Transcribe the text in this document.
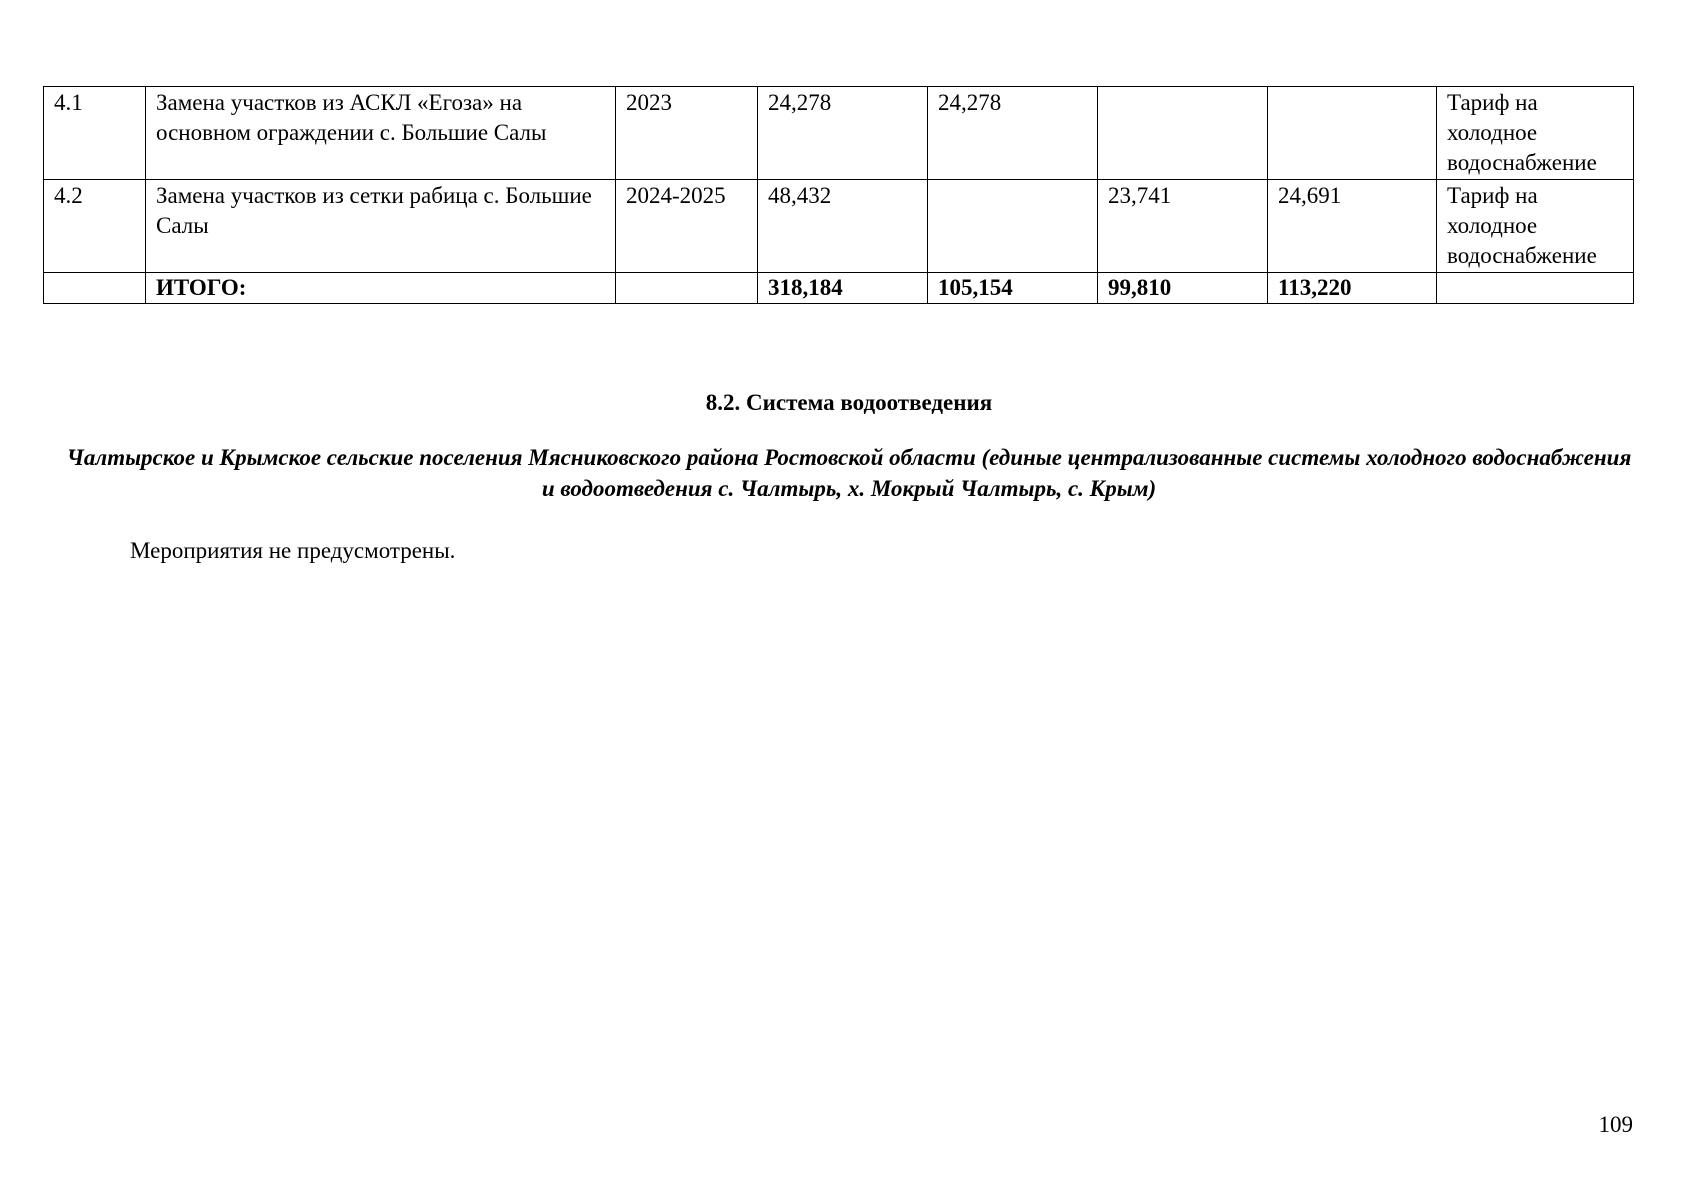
4.1	Замена участков из АСКЛ «Егоза» на основном ограждении с. Большие Салы	2023	24,278	24,278			Тариф на холодное водоснабжение
4.2	Замена участков из сетки рабица с. Большие Салы	2024-2025	48,432		23,741	24,691	Тариф на холодное водоснабжение
	ИТОГО:		318,184	105,154	99,810	113,220	
8.2. Система водоотведения
Чалтырское и Крымское сельские поселения Мясниковского района Ростовской области (единые централизованные системы холодного водоснабжения и водоотведения с. Чалтырь, х. Мокрый Чалтырь, с. Крым)
Мероприятия не предусмотрены.
109
